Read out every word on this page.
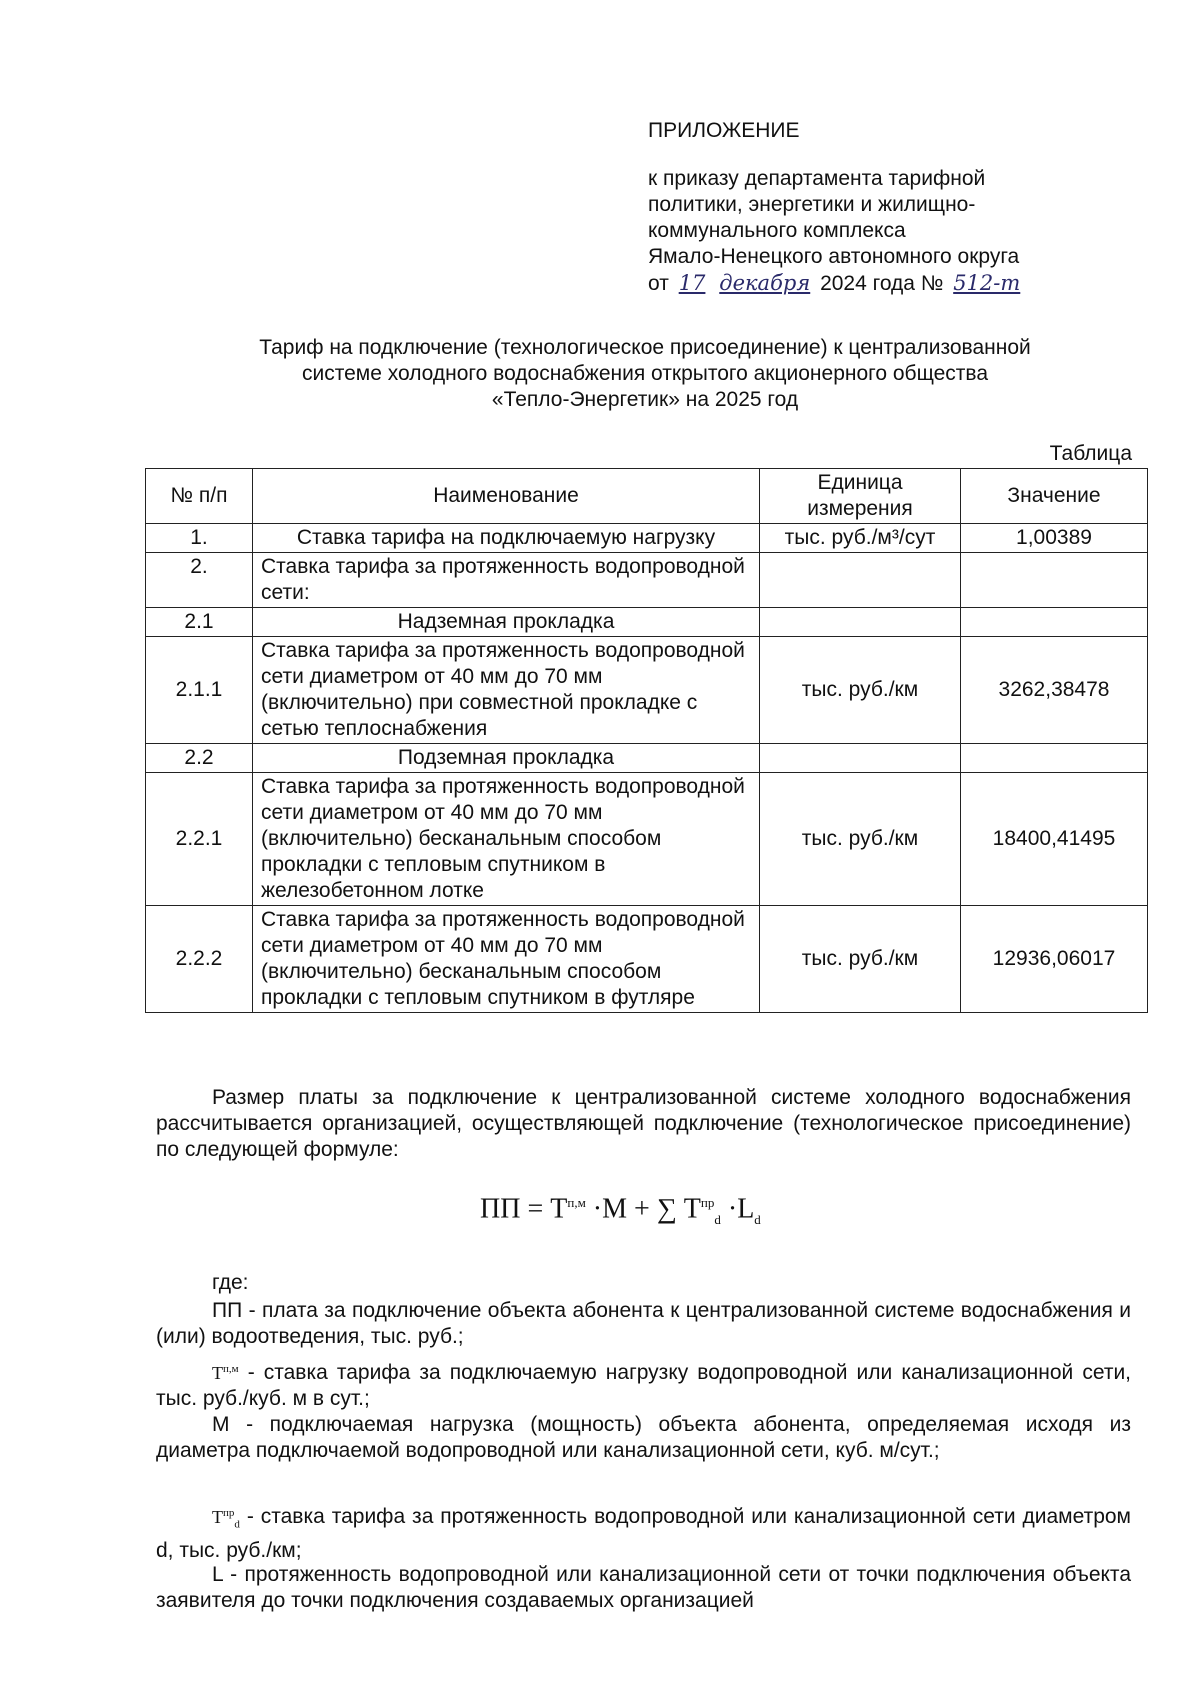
ПРИЛОЖЕНИЕ
к приказу департамента тарифной
политики, энергетики и жилищно-
коммунального комплекса
Ямало-Ненецкого автономного округа
от 17 декабря 2024 года № 512-т
Тариф на подключение (технологическое присоединение) к централизованной
системе холодного водоснабжения открытого акционерного общества
«Тепло-Энергетик» на 2025 год
Таблица
№ п/п	Наименование	Единица измерения	Значение
1.	Ставка тарифа на подключаемую нагрузку	тыс. руб./м³/сут	1,00389
2.	Ставка тарифа за протяженность водопроводной сети:		
2.1	Надземная прокладка		
2.1.1	Ставка тарифа за протяженность водопроводной сети диаметром от 40 мм до 70 мм (включительно) при совместной прокладке с сетью теплоснабжения	тыс. руб./км	3262,38478
2.2	Подземная прокладка		
2.2.1	Ставка тарифа за протяженность водопроводной сети диаметром от 40 мм до 70 мм (включительно) бесканальным способом прокладки с тепловым спутником в железобетонном лотке	тыс. руб./км	18400,41495
2.2.2	Ставка тарифа за протяженность водопроводной сети диаметром от 40 мм до 70 мм (включительно) бесканальным способом прокладки с тепловым спутником в футляре	тыс. руб./км	12936,06017
Размер платы за подключение к централизованной системе холодного водоснабжения рассчитывается организацией, осуществляющей подключение (технологическое присоединение) по следующей формуле:
ПП = $Т^{п,м} \cdot М$ + ∑ $Т^{пр}_d \cdot L_d$
где:
ПП - плата за подключение объекта абонента к централизованной системе водоснабжения и (или) водоотведения, тыс. руб.;
$Т^{п,м}$ - ставка тарифа за подключаемую нагрузку водопроводной или канализационной сети, тыс. руб./куб. м в сут.;
М - подключаемая нагрузка (мощность) объекта абонента, определяемая исходя из диаметра подключаемой водопроводной или канализационной сети, куб. м/сут.;
$Т^{пр}_d$ - ставка тарифа за протяженность водопроводной или канализационной сети диаметром d, тыс. руб./км;
L - протяженность водопроводной или канализационной сети от точки подключения объекта заявителя до точки подключения создаваемых организацией
